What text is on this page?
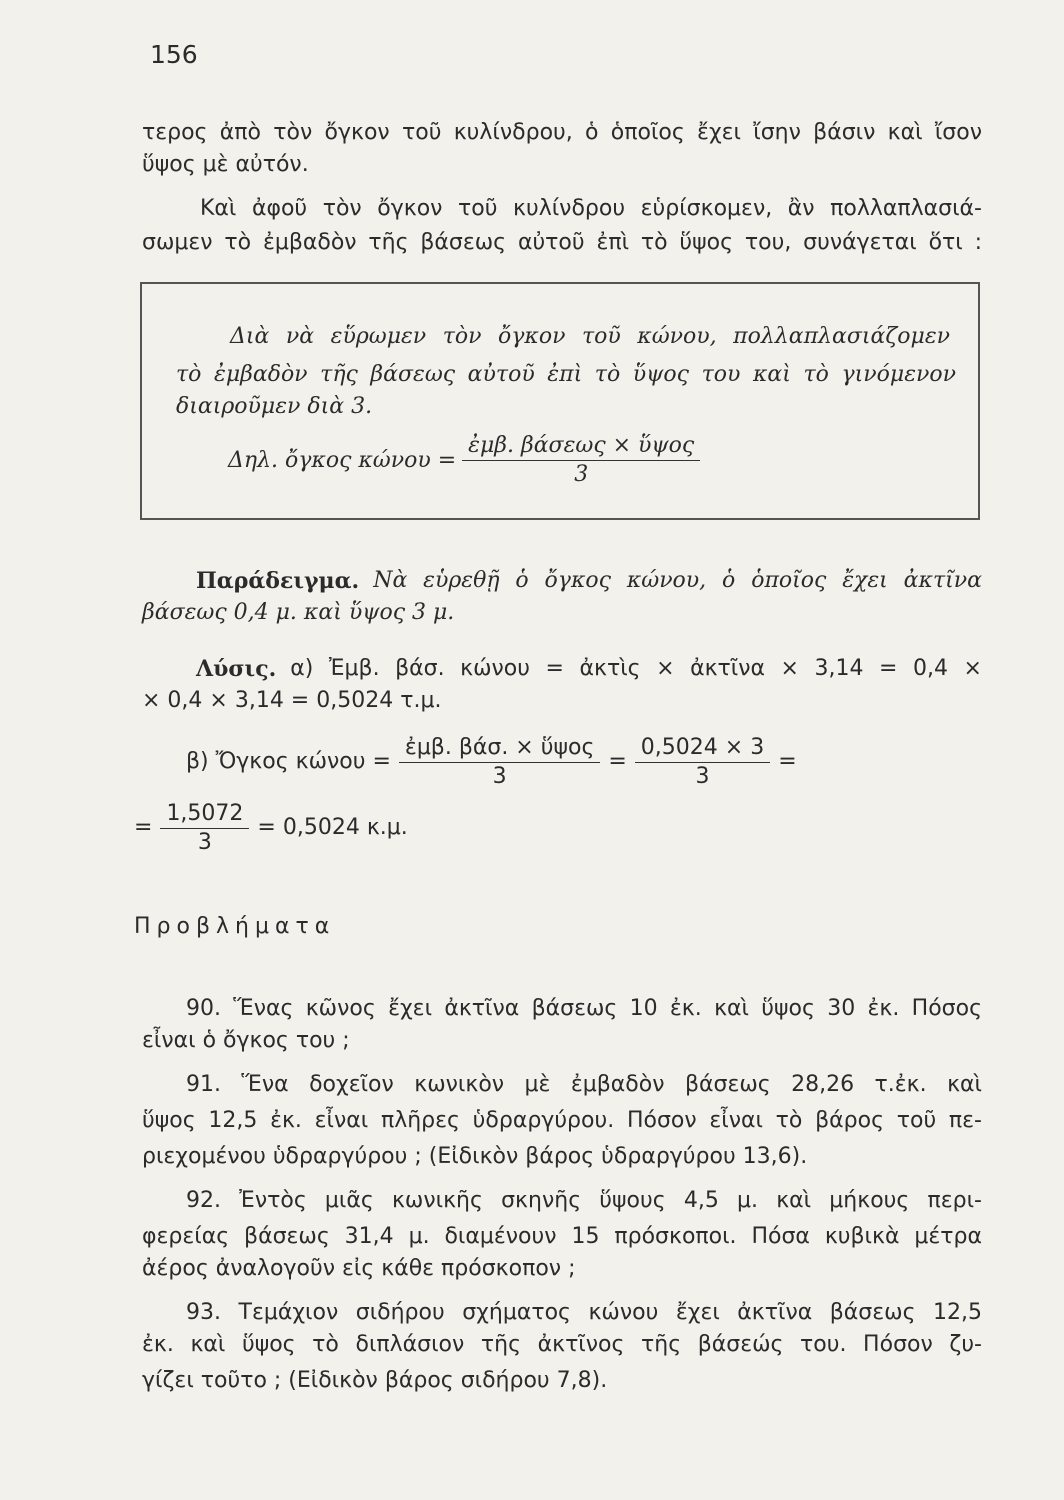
156
τερος ἀπὸ τὸν ὄγκον τοῦ κυλίνδρου, ὁ ὁποῖος ἔχει ἴσην βάσιν καὶ ἴσον
ὕψος μὲ αὐτόν.
Καὶ ἀφοῦ τὸν ὄγκον τοῦ κυλίνδρου εὑρίσκομεν, ἂν πολλαπλασιά-
σωμεν τὸ ἐμβαδὸν τῆς βάσεως αὐτοῦ ἐπὶ τὸ ὕψος του, συνάγεται ὅτι :
Διὰ νὰ εὕρωμεν τὸν ὄγκον τοῦ κώνου, πολλαπλασιάζομεν
τὸ ἐμβαδὸν τῆς βάσεως αὐτοῦ ἐπὶ τὸ ὕψος του καὶ τὸ γινόμενον
διαιροῦμεν διὰ 3.
Δηλ. ὄγκος $\kappa ώ\nu o\upsilon = \frac{\text{ἐμβ. βάσεως × ὕψος}}{3}$
Παράδειγμα. Νὰ εὑρεθῇ ὁ ὄγκος κώνου, ὁ ὁποῖος ἔχει ἀκτῖνα
βάσεως 0,4 μ. καὶ ὕψος 3 μ.
Λύσις. α) Ἐμβ. βάσ. κώνου = ἀκτὶς × ἀκτῖνα × 3,14 = 0,4 ×
× 0,4 × 3,14 = 0,5024 τ.μ.
β) Ὄγκος $\kappa ώ\nu o\upsilon = \frac{\text{ἐμβ. βάσ. × ὕψος}}{3} = \frac{0,5024 \times 3}{3}$ =
= $\frac{1,5072}{3} = 0,5024$ κ.μ.
Προβλήματα
90. Ἕνας κῶνος ἔχει ἀκτῖνα βάσεως 10 ἐκ. καὶ ὕψος 30 ἐκ. Πόσος
εἶναι ὁ ὄγκος του ;
91. Ἕνα δοχεῖον κωνικὸν μὲ ἐμβαδὸν βάσεως 28,26 τ.ἐκ. καὶ
ὕψος 12,5 ἐκ. εἶναι πλῆρες ὑδραργύρου. Πόσον εἶναι τὸ βάρος τοῦ πε-
ριεχομένου ὑδραργύρου ; (Εἰδικὸν βάρος ὑδραργύρου 13,6).
92. Ἐντὸς μιᾶς κωνικῆς σκηνῆς ὕψους 4,5 μ. καὶ μήκους περι-
φερείας βάσεως 31,4 μ. διαμένουν 15 πρόσκοποι. Πόσα κυβικὰ μέτρα
ἀέρος ἀναλογοῦν εἰς κάθε πρόσκοπον ;
93. Τεμάχιον σιδήρου σχήματος κώνου ἔχει ἀκτῖνα βάσεως 12,5
ἐκ. καὶ ὕψος τὸ διπλάσιον τῆς ἀκτῖνος τῆς βάσεώς του. Πόσον ζυ-
γίζει τοῦτο ; (Εἰδικὸν βάρος σιδήρου 7,8).
